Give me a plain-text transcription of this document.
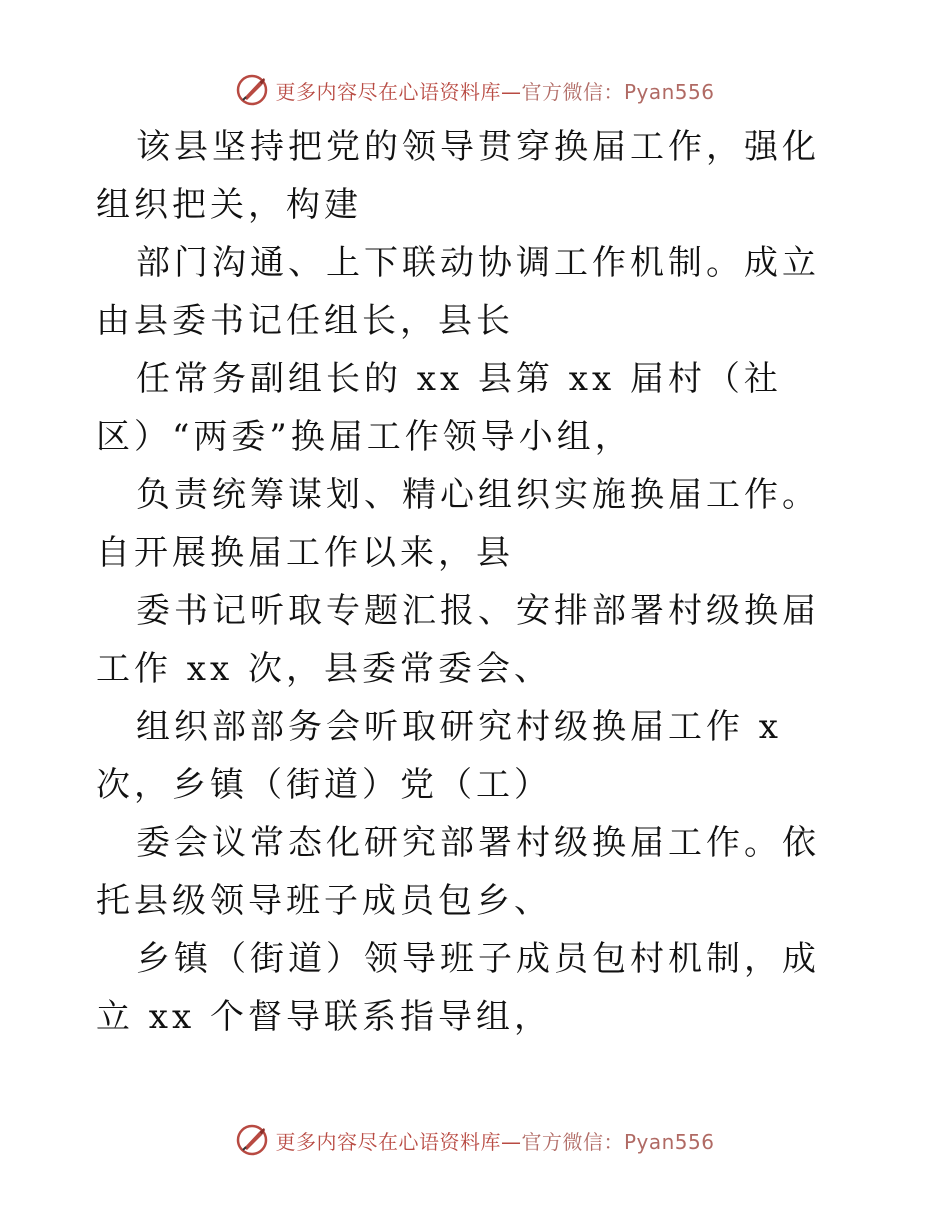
更多内容尽在心语资料库—官方微信：Pyan556

该县坚持把党的领导贯穿换届工作，强化组织把关，构建

部门沟通、上下联动协调工作机制。成立由县委书记任组长，县长

任常务副组长的 xx 县第 xx 届村（社区）“两委”换届工作领导小组，

负责统筹谋划、精心组织实施换届工作。自开展换届工作以来，县

委书记听取专题汇报、安排部署村级换届工作 xx 次，县委常委会、

组织部部务会听取研究村级换届工作 x次，乡镇（街道）党（工）

委会议常态化研究部署村级换届工作。依托县级领导班子成员包乡、

乡镇（街道）领导班子成员包村机制，成立 xx 个督导联系指导组，

更多内容尽在心语资料库—官方微信：Pyan556
